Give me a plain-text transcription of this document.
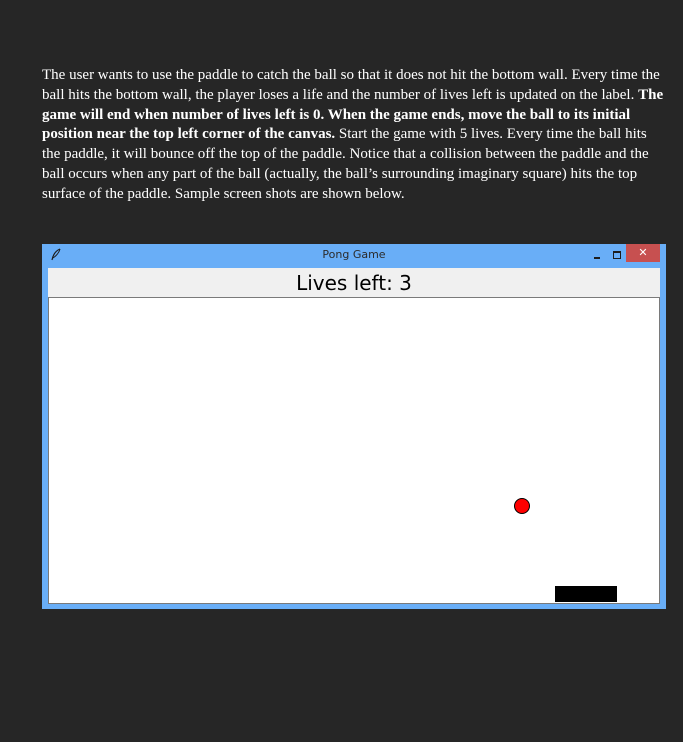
The user wants to use the paddle to catch the ball so that it does not hit the bottom wall. Every time the ball hits the bottom wall, the player loses a life and the number of lives left is updated on the label. The game will end when number of lives left is 0. When the game ends, move the ball to its initial position near the top left corner of the canvas. Start the game with 5 lives. Every time the ball hits the paddle, it will bounce off the top of the paddle. Notice that a collision between the paddle and the ball occurs when any part of the ball (actually, the ball’s surrounding imaginary square) hits the top surface of the paddle. Sample screen shots are shown below.
Pong Game	✕
Lives left: 3
